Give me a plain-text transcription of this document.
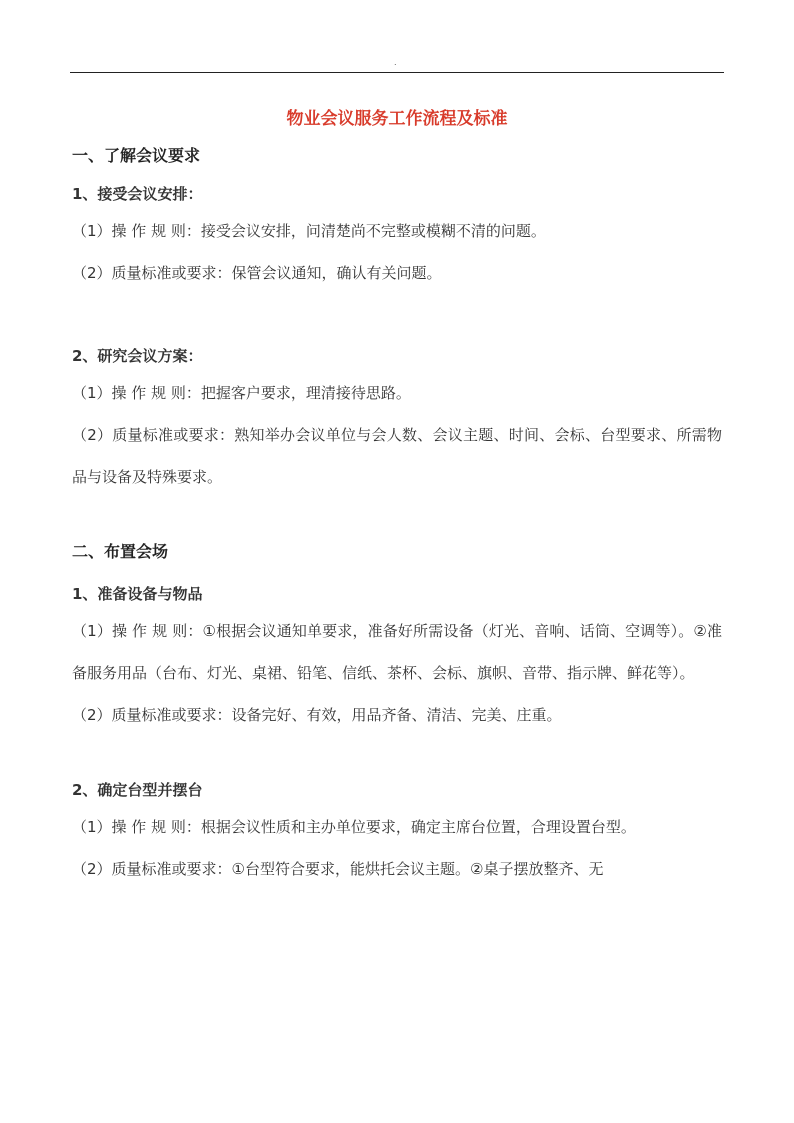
.
物业会议服务工作流程及标准
一、了解会议要求
1、接受会议安排：

（1）操 作 规 则：接受会议安排，问清楚尚不完整或模糊不清的问题。

（2）质量标准或要求：保管会议通知，确认有关问题。

2、研究会议方案：

（1）操 作 规 则：把握客户要求，理清接待思路。

（2）质量标准或要求：熟知举办会议单位与会人数、会议主题、时间、会标、台型要求、所需物品与设备及特殊要求。

二、布置会场
1、准备设备与物品

（1）操 作 规 则：①根据会议通知单要求，准备好所需设备（灯光、音响、话筒、空调等）。②准备服务用品（台布、灯光、桌裙、铅笔、信纸、茶杯、会标、旗帜、音带、指示牌、鲜花等）。

（2）质量标准或要求：设备完好、有效，用品齐备、清洁、完美、庄重。

2、确定台型并摆台

（1）操 作 规 则：根据会议性质和主办单位要求，确定主席台位置，合理设置台型。

（2）质量标准或要求：①台型符合要求，能烘托会议主题。②桌子摆放整齐、无
